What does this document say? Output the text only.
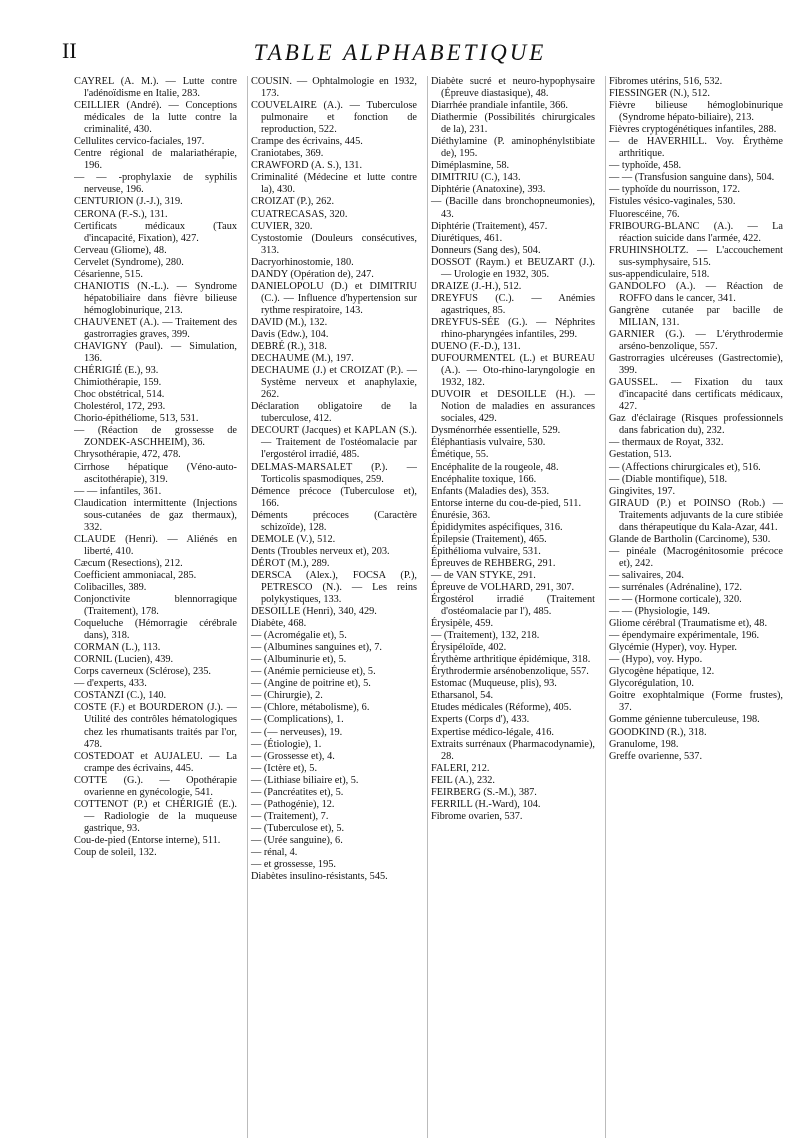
II	TABLE ALPHABETIQUE

CAYREL (A. M.). — Lutte contre l'adénoïdisme en Italie, 283.

CEILLIER (André). — Conceptions médicales de la lutte contre la criminalité, 430.

Cellulites cervico-faciales, 197.

Centre régional de malariathérapie, 196.

— — -prophylaxie de syphilis nerveuse, 196.

CENTURION (J.-J.), 319.

CERONA (F.-S.), 131.

Certificats médicaux (Taux d'incapacité, Fixation), 427.

Cerveau (Gliome), 48.

Cervelet (Syndrome), 280.

Césarienne, 515.

CHANIOTIS (N.-L.). — Syndrome hépatobiliaire dans fièvre bilieuse hémoglobinurique, 213.

CHAUVENET (A.). — Traitement des gastrorragies graves, 399.

CHAVIGNY (Paul). — Simulation, 136.

CHÉRIGIÉ (E.), 93.

Chimiothérapie, 159.

Choc obstétrical, 514.

Cholestérol, 172, 293.

Chorio-épithéliome, 513, 531.

— (Réaction de grossesse de ZONDEK-ASCHHEIM), 36.

Chrysothérapie, 472, 478.

Cirrhose hépatique (Véno-auto-ascitothérapie), 319.

— — infantiles, 361.

Claudication intermittente (Injections sous-cutanées de gaz thermaux), 332.

CLAUDE (Henri). — Aliénés en liberté, 410.

Cæcum (Resections), 212.

Coefficient ammoniacal, 285.

Colibacilles, 389.

Conjonctivite blennorragique (Traitement), 178.

Coqueluche (Hémorragie cérébrale dans), 318.

CORMAN (L.), 113.

CORNIL (Lucien), 439.

Corps caverneux (Sclérose), 235.

— d'experts, 433.

COSTANZI (C.), 140.

COSTE (F.) et BOURDERON (J.). — Utilité des contrôles hématologiques chez les rhumatisants traités par l'or, 478.

COSTEDOAT et AUJALEU. — La crampe des écrivains, 445.

COTTE (G.). — Opothérapie ovarienne en gynécologie, 541.

COTTENOT (P.) et CHÉRIGIÉ (E.). — Radiologie de la muqueuse gastrique, 93.

Cou-de-pied (Entorse interne), 511.

Coup de soleil, 132.

COUSIN. — Ophtalmologie en 1932, 173.

COUVELAIRE (A.). — Tuberculose pulmonaire et fonction de reproduction, 522.

Crampe des écrivains, 445.

Craniotabes, 369.

CRAWFORD (A. S.), 131.

Criminalité (Médecine et lutte contre la), 430.

CROIZAT (P.), 262.

CUATRECASAS, 320.

CUVIER, 320.

Cystostomie (Douleurs consécutives, 313.

Dacryorhinostomie, 180.

DANDY (Opération de), 247.

DANIELOPOLU (D.) et DIMITRIU (C.). — Influence d'hypertension sur rythme respiratoire, 143.

DAVID (M.), 132.

Davis (Edw.), 104.

DEBRÉ (R.), 318.

DECHAUME (M.), 197.

DECHAUME (J.) et CROIZAT (P.). — Système nerveux et anaphylaxie, 262.

Déclaration obligatoire de la tuberculose, 412.

DECOURT (Jacques) et KAPLAN (S.). — Traitement de l'ostéomalacie par l'ergostérol irradié, 485.

DELMAS-MARSALET (P.). — Torticolis spasmodiques, 259.

Démence précoce (Tuberculose et), 166.

Déments précoces (Caractère schizoïde), 128.

DEMOLE (V.), 512.

Dents (Troubles nerveux et), 203.

DÉROT (M.), 289.

DERSCA (Alex.), FOCSA (P.), PETRESCO (N.). — Les reins polykystiques, 133.

DESOILLE (Henri), 340, 429.

Diabète, 468.

— (Acromégalie et), 5.

— (Albumines sanguines et), 7.

— (Albuminurie et), 5.

— (Anémie pernicieuse et), 5.

— (Angine de poitrine et), 5.

— (Chirurgie), 2.

— (Chlore, métabolisme), 6.

— (Complications), 1.

— (— nerveuses), 19.

— (Étiologie), 1.

— (Grossesse et), 4.

— (Ictère et), 5.

— (Lithiase biliaire et), 5.

— (Pancréatites et), 5.

— (Pathogénie), 12.

— (Traitement), 7.

— (Tuberculose et), 5.

— (Urée sanguine), 6.

— rénal, 4.

— et grossesse, 195.

Diabètes insulino-résistants, 545.

Diabète sucré et neuro-hypophysaire (Épreuve diastasique), 48.

Diarrhée prandiale infantile, 366.

Diathermie (Possibilités chirurgicales de la), 231.

Diéthylamine (P. aminophénylstibiate de), 195.

Diméplasmine, 58.

DIMITRIU (C.), 143.

Diphtérie (Anatoxine), 393.

— (Bacille dans bronchopneumonies), 43.

Diphtérie (Traitement), 457.

Diurétiques, 461.

Donneurs (Sang des), 504.

DOSSOT (Raym.) et BEUZART (J.). — Urologie en 1932, 305.

DRAIZE (J.-H.), 512.

DREYFUS (C.). — Anémies agastriques, 85.

DREYFUS-SÉE (G.). — Néphrites rhino-pharyngées infantiles, 299.

DUENO (F.-D.), 131.

DUFOURMENTEL (L.) et BUREAU (A.). — Oto-rhino-laryngologie en 1932, 182.

DUVOIR et DESOILLE (H.). — Notion de maladies en assurances sociales, 429.

Dysménorrhée essentielle, 529.

Éléphantiasis vulvaire, 530.

Émétique, 55.

Encéphalite de la rougeole, 48.

Encéphalite toxique, 166.

Enfants (Maladies des), 353.

Entorse interne du cou-de-pied, 511.

Énurésie, 363.

Épididymites aspécifiques, 316.

Épilepsie (Traitement), 465.

Épithélioma vulvaire, 531.

Épreuves de REHBERG, 291.

— de VAN STYKE, 291.

Épreuve de VOLHARD, 291, 307.

Érgostérol irradié (Traitement d'ostéomalacie par l'), 485.

Érysipèle, 459.

— (Traitement), 132, 218.

Érysipéloïde, 402.

Érythème arthritique épidémique, 318.

Érythrodermie arsénobenzolique, 557.

Estomac (Muqueuse, plis), 93.

Etharsanol, 54.

Etudes médicales (Réforme), 405.

Experts (Corps d'), 433.

Expertise médico-légale, 416.

Extraits surrénaux (Pharmacodynamie), 28.

FALERI, 212.

FEIL (A.), 232.

FEIRBERG (S.-M.), 387.

FERRILL (H.-Ward), 104.

Fibrome ovarien, 537.

Fibromes utérins, 516, 532.

FIESSINGER (N.), 512.

Fièvre bilieuse hémoglobinurique (Syndrome hépato-biliaire), 213.

Fièvres cryptogénétiques infantiles, 288.

— de HAVERHILL. Voy. Érythème arthritique.

— typhoïde, 458.

— — (Transfusion sanguine dans), 504.

— typhoïde du nourrisson, 172.

Fistules vésico-vaginales, 530.

Fluorescéine, 76.

FRIBOURG-BLANC (A.). — La réaction suicide dans l'armée, 422.

FRUHINSHOLTZ. — L'accouchement sus-symphysaire, 515.

sus-appendiculaire, 518.

GANDOLFO (A.). — Réaction de ROFFO dans le cancer, 341.

Gangrène cutanée par bacille de MILIAN, 131.

GARNIER (G.). — L'érythrodermie arséno-benzolique, 557.

Gastrorragies ulcéreuses (Gastrectomie), 399.

GAUSSEL. — Fixation du taux d'incapacité dans certificats médicaux, 427.

Gaz d'éclairage (Risques professionnels dans fabrication du), 232.

— thermaux de Royat, 332.

Gestation, 513.

— (Affections chirurgicales et), 516.

— (Diable montifique), 518.

Gingivites, 197.

GIRAUD (P.) et POINSO (Rob.) — Traitements adjuvants de la cure stibiée dans thérapeutique du Kala-Azar, 441.

Glande de Bartholin (Carcinome), 530.

— pinéale (Macrogénitosomie précoce et), 242.

— salivaires, 204.

— surrénales (Adrénaline), 172.

— — (Hormone corticale), 320.

— — (Physiologie, 149.

Gliome cérébral (Traumatisme et), 48.

— épendymaire expérimentale, 196.

Glycémie (Hyper), voy. Hyper.

— (Hypo), voy. Hypo.

Glycogène hépatique, 12.

Glycorégulation, 10.

Goitre exophtalmique (Forme frustes), 37.

Gomme génienne tuberculeuse, 198.

GOODKIND (R.), 318.

Granulome, 198.

Greffe ovarienne, 537.
